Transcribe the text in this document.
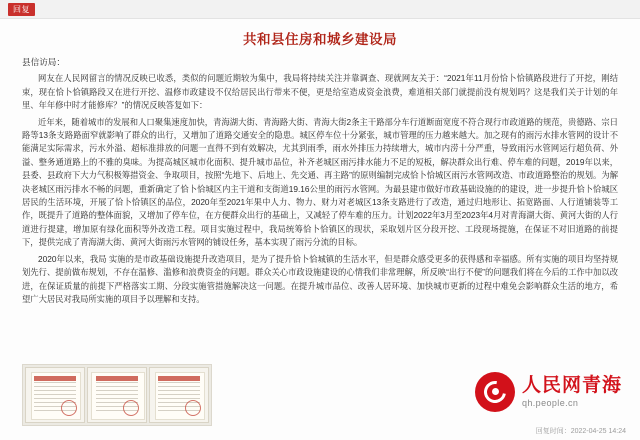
回复
共和县住房和城乡建设局

县信访局：

网友在人民网留言的情况反映已收悉，类似的问题近期较为集中，我局将持续关注并靠调查、现就网友关于：“2021年11月份恰卜恰镇路段进行了开挖，刚结束，现在恰卜恰镇路段又在进行开挖、温修市政建设不仅给居民出行带来不便，更是给室造成资金浪费，难道相关部门就提前没有规划吗？这是我们关于计划的年里、年年修中时才能修库？”的情况反映答复如下：

近年来，随着城市的发展和人口聚集速度加快，青海湖大街、青海路大街、青海大街2条主干路部分车行道断面宽度不符合现行市政道路的规范，贵德路、宗日路等13条支路路面窄就影响了群众的出行，又增加了道路交通安全的隐患。城区停车位十分紧张，城市管理的压力越来越大。加之现有的雨污水排水管网的设计不能满足实际需求，污水外溢、超标准排放的问题一直得不到有效解决，尤其到雨季，雨水外排压力持续增大，城市内涝十分严重，导致雨污水管网运行超负荷、外溢、整务通道路上的不雅的臭味。为提高城区城市化面积、提升城市品位，补齐老城区雨污排水能力不足的短板，解决群众出行难、停车难的问题，2019年以来，县委、县政府下大力气积极筹措资金、争取项目，按照“先地下、后地上、先交通、再主路”的原则编制完成恰卜恰城区雨污水管网改造、市政道路整治的规划。为解决老城区雨污排水不畅的问题，重新确定了恰卜恰城区内主干道和支街道19.16公里的雨污水管网。为最县建市做好市政基础设施的的建设，进一步提升恰卜恰城区居民的生活环境，开展了恰卜恰镇区的品位，2020年至2021年果中人力、物力、财力对老城区13条支路进行了改造，通过归地形让、拓宽路面、人行道铺装等工作，既提升了道路的整体面貌，又增加了停车位，在方便群众出行的基础上，又减轻了停车难的压力。计划2022年3月至2023年4月对青海湖大街、黄河大街的人行道进行提建，增加原有绿化面积等外改造工程。项目实施过程中，我局统筹恰卜恰镇区的现状，采取划片区分段开挖、工段现场提施，在保证不对旧道路的前提下，提供完成了青海湖大街、黄河大街雨污水管网的铺设任务，基本实现了雨污分流的目标。

2020年以来，我局 实施的是市政基础设施提升改造项目，是为了提升恰卜恰城镇的生活水平，但是群众感受更多的获得感和幸福感。所有实施的项目均坚持规划先行、提前做布规划，不存在温修、滥修和浪费资金的问题。群众关心市政设施建设的心情我们非常理解，所反映“出行不便”的问题我们将在今后的工作中加以改进，在保证质量的前提下严格落实工期、分段实施管措施解决这一问题。在提升城市品位、改善人居环境、加快城市更新的过程中难免会影响群众生活的地方，希望广大居民对我局所实施的项目予以理解和支持。

人民网青海
qh.people.cn
回复时间：2022-04-25 14:24
